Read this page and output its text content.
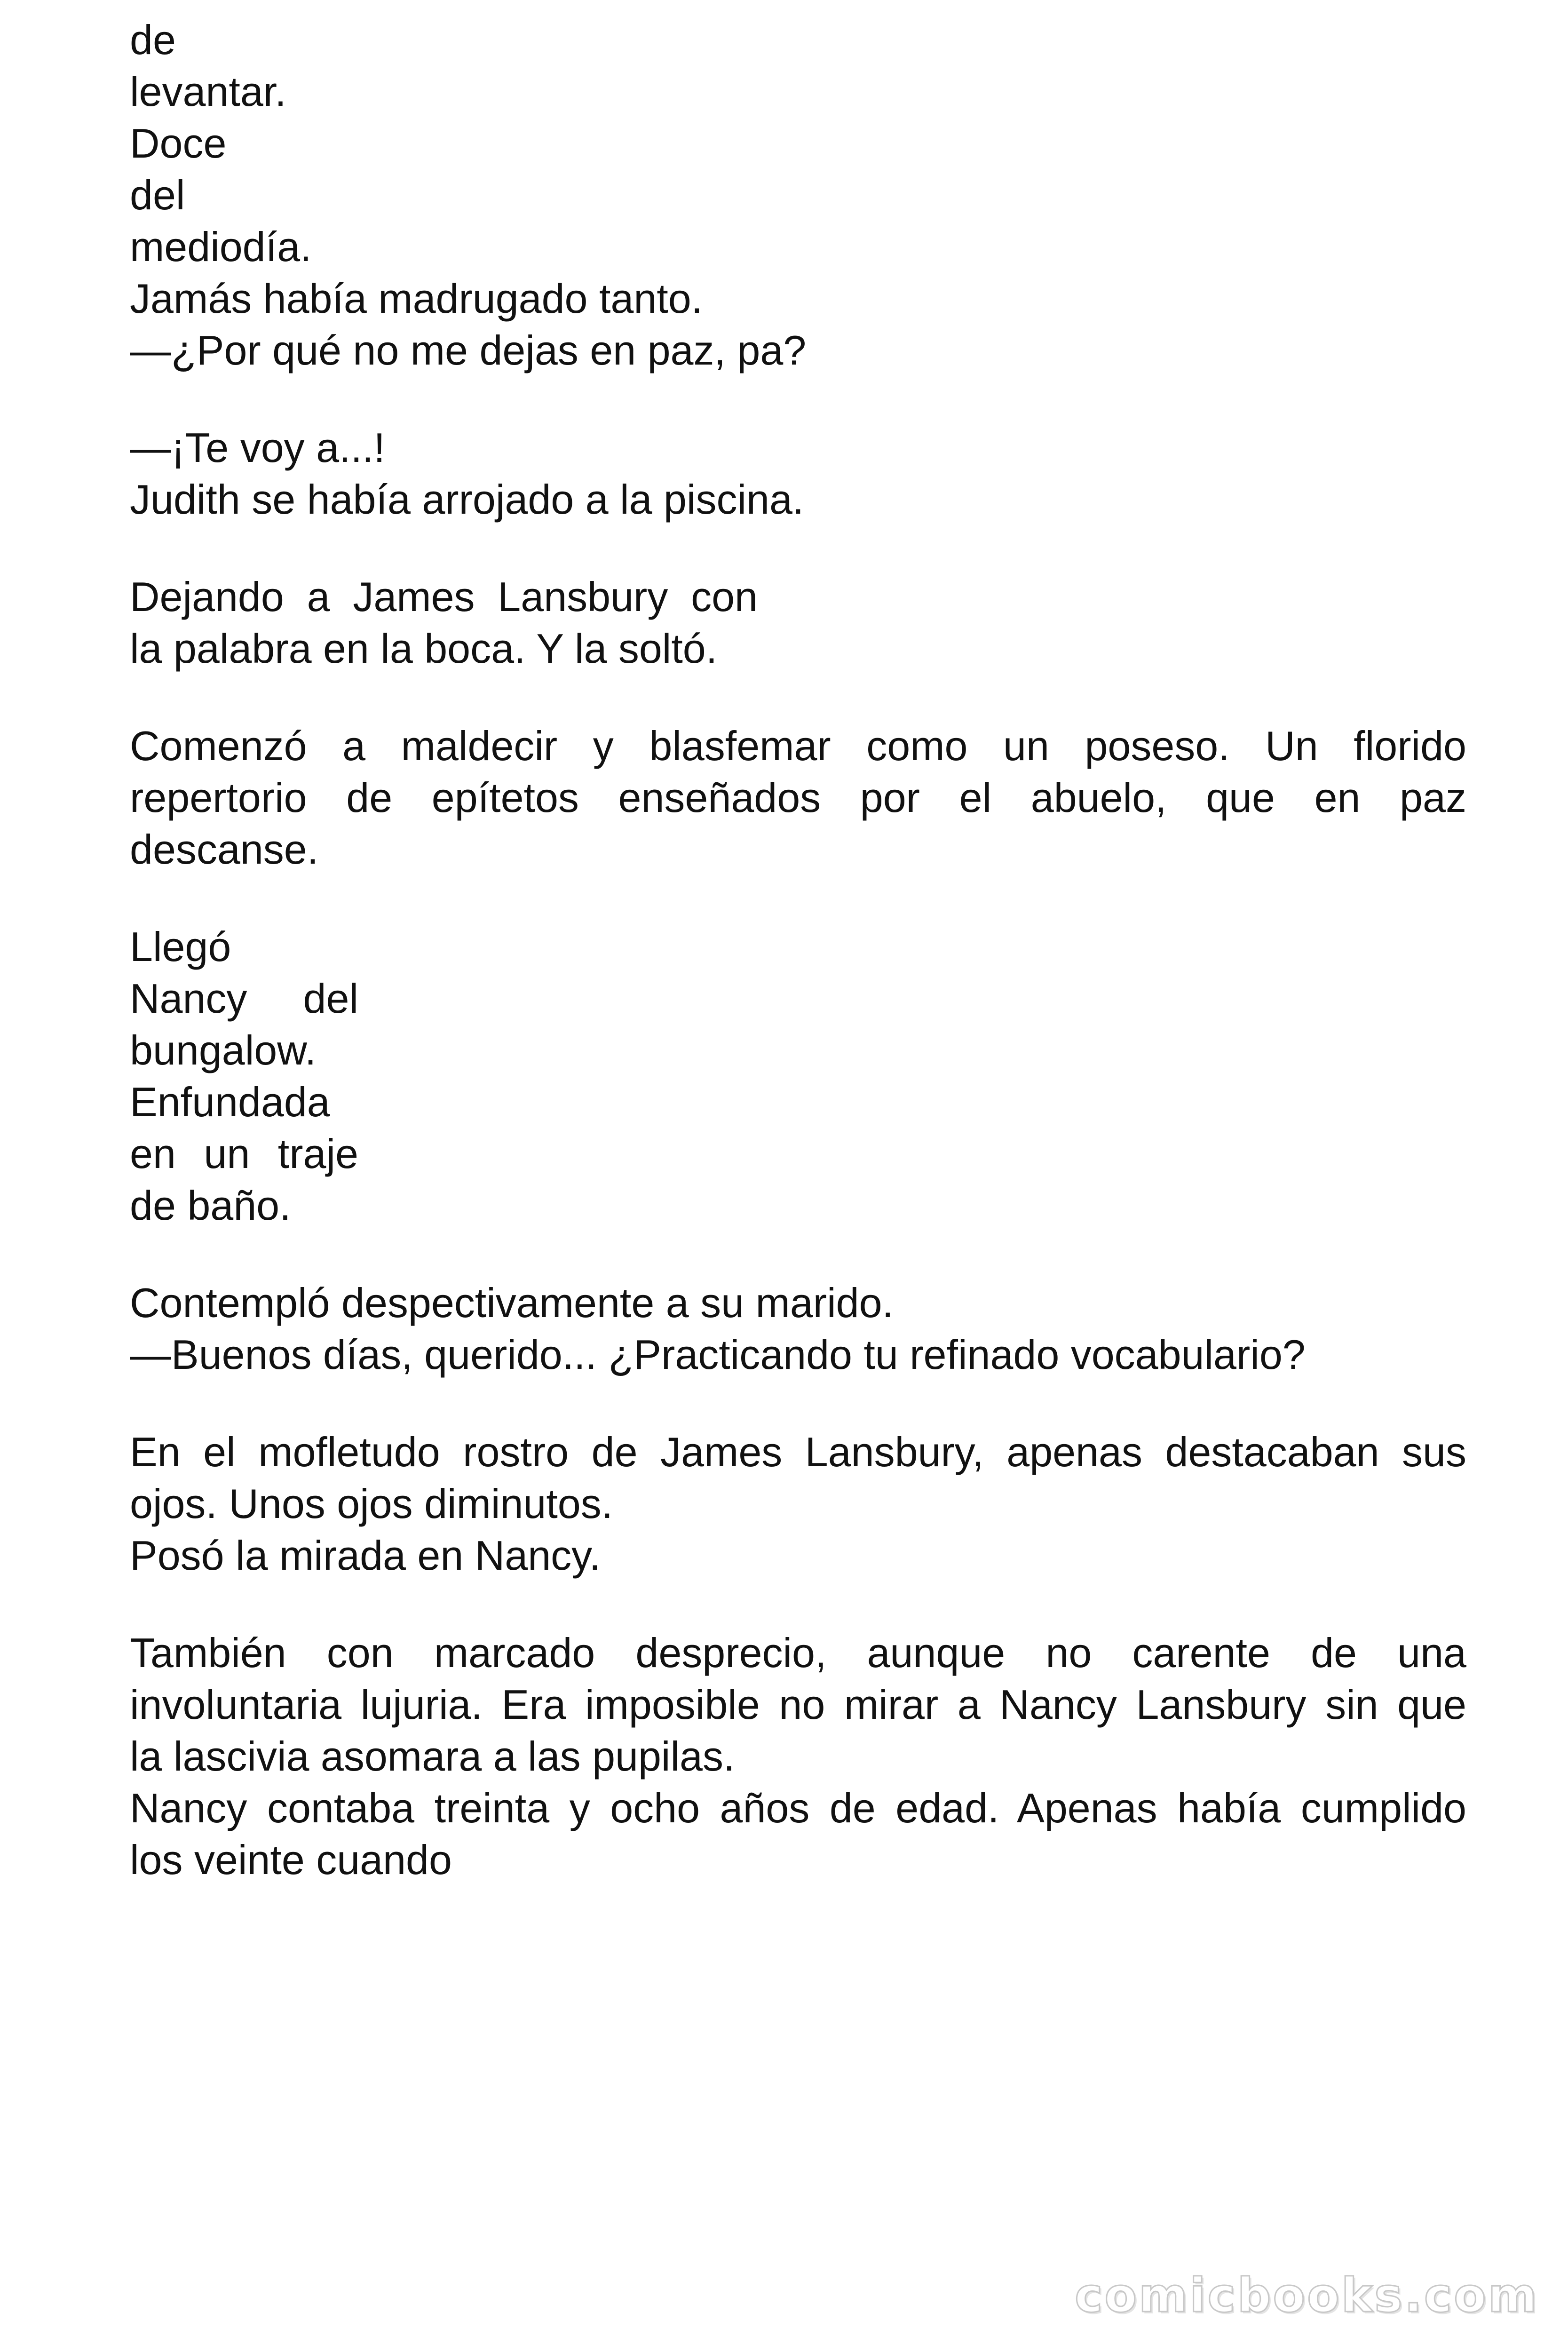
de
levantar.
Doce
del
mediodía.
Jamás había madrugado tanto.
—¿Por qué no me dejas en paz, pa?
—¡Te voy a...!
Judith se había arrojado a la piscina.
Dejando a James Lansbury con
la palabra en la boca. Y la soltó.
Comenzó a maldecir y blasfemar como un poseso. Un florido
repertorio de epítetos enseñados por el abuelo, que en paz
descanse.
Llegó
Nancy del
bungalow.
Enfundada
en un traje
de baño.
Contempló despectivamente a su marido.
—Buenos días, querido... ¿Practicando tu refinado vocabulario?
En el mofletudo rostro de James Lansbury, apenas destacaban sus
ojos. Unos ojos diminutos.
Posó la mirada en Nancy.
También con marcado desprecio, aunque no carente de una
involuntaria lujuria. Era imposible no mirar a Nancy Lansbury sin que
la lascivia asomara a las pupilas.
Nancy contaba treinta y ocho años de edad. Apenas había cumplido
los veinte cuando
comicbooks.com
